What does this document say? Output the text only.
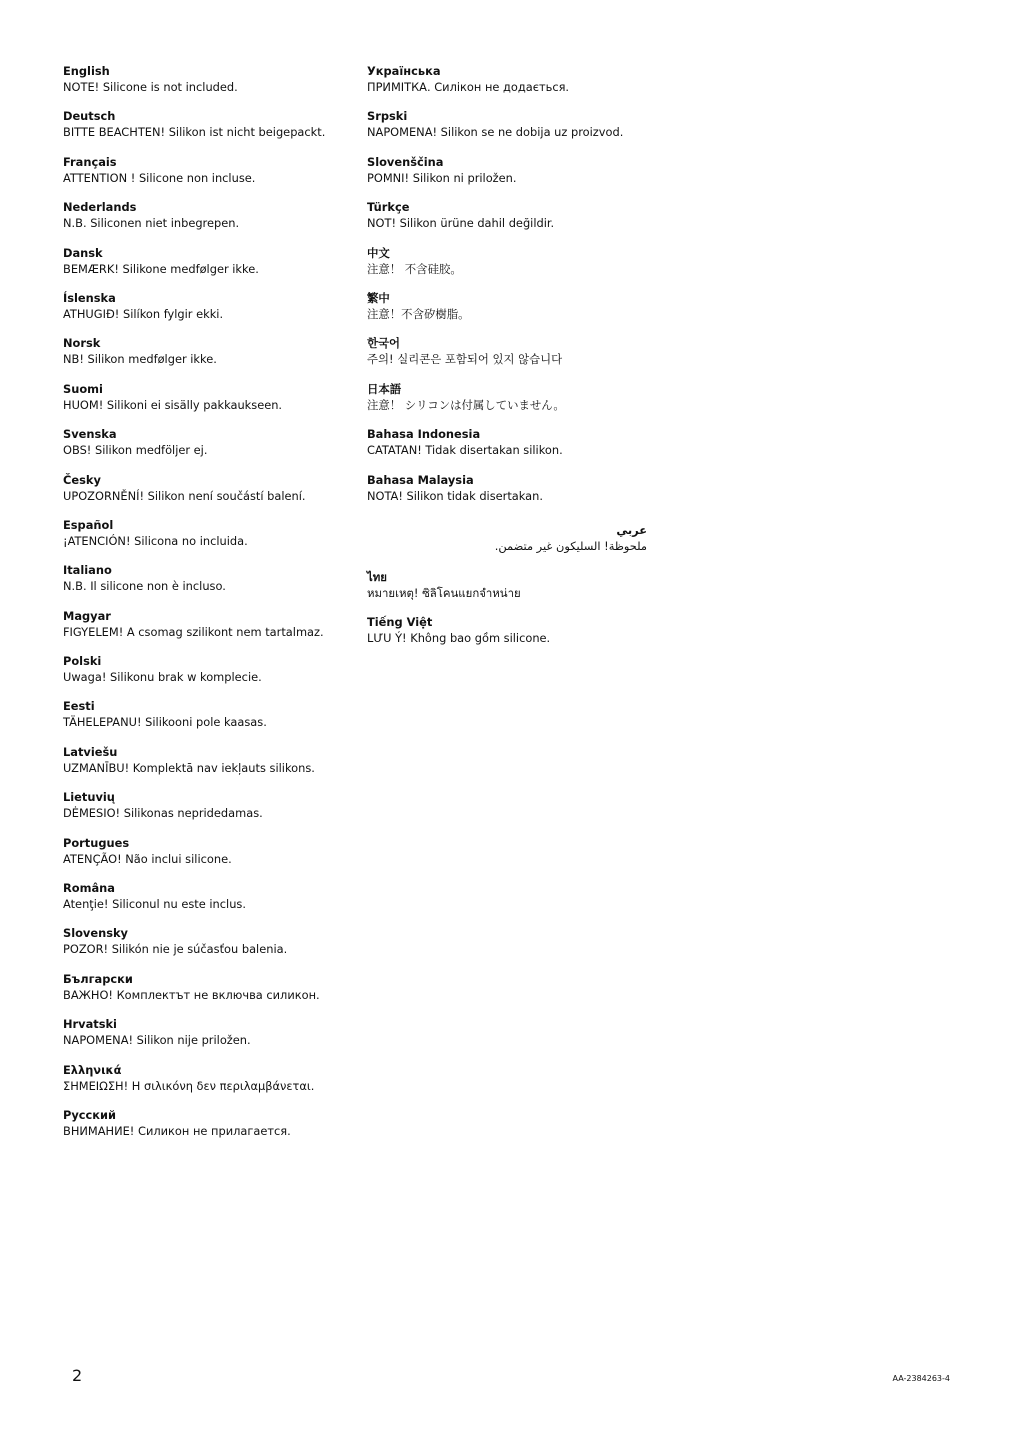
English
NOTE! Silicone is not included.
Deutsch
BITTE BEACHTEN! Silikon ist nicht beigepackt.
Français
ATTENTION ! Silicone non incluse.
Nederlands
N.B. Siliconen niet inbegrepen.
Dansk
BEMÆRK! Silikone medfølger ikke.
Íslenska
ATHUGIÐ! Silíkon fylgir ekki.
Norsk
NB! Silikon medfølger ikke.
Suomi
HUOM! Silikoni ei sisälly pakkaukseen.
Svenska
OBS! Silikon medföljer ej.
Česky
UPOZORNĚNÍ! Silikon není součástí balení.
Español
¡ATENCIÓN! Silicona no incluida.
Italiano
N.B. Il silicone non è incluso.
Magyar
FIGYELEM! A csomag szilikont nem tartalmaz.
Polski
Uwaga! Silikonu brak w komplecie.
Eesti
TÄHELEPANU! Silikooni pole kaasas.
Latviešu
UZMANĪBU! Komplektā nav iekļauts silikons.
Lietuvių
DĖMESIO! Silikonas nepridedamas.
Portugues
ATENÇÃO! Não inclui silicone.
Româna
Atenţie! Siliconul nu este inclus.
Slovensky
POZOR! Silikón nie je súčasťou balenia.
Български
ВАЖНО! Комплектът не включва силикон.
Hrvatski
NAPOMENA! Silikon nije priložen.
Ελληνικά
ΣΗΜΕΙΩΣΗ! Η σιλικόνη δεν περιλαμβάνεται.
Русский
ВНИМАНИЕ! Силикон не прилагается.
Українська
ПРИМІТКА. Силікон не додається.
Srpski
NAPOMENA! Silikon se ne dobija uz proizvod.
Slovenščina
POMNI! Silikon ni priložen.
Türkçe
NOT! Silikon ürüne dahil değildir.
中文
注意！ 不含硅胶。
繁中
注意！不含矽樹脂。
한국어
주의! 실리콘은 포함되어 있지 않습니다
日本語
注意！ シリコンは付属していません。
Bahasa Indonesia
CATATAN! Tidak disertakan silikon.
Bahasa Malaysia
NOTA! Silikon tidak disertakan.
عربي
ملحوظة! السليكون غير متضمن.
ไทย
หมายเหตุ! ซิลิโคนแยกจำหน่าย
Tiếng Việt
LƯU Ý! Không bao gồm silicone.
2	AA-2384263-4
